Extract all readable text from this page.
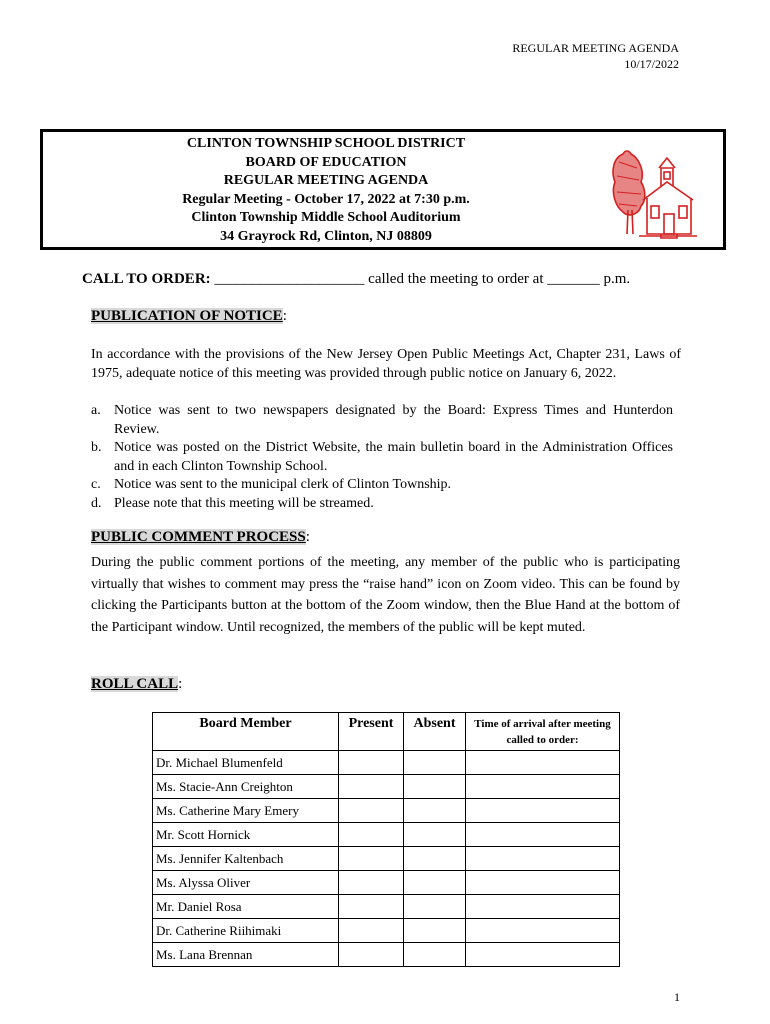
REGULAR MEETING AGENDA
10/17/2022
CLINTON TOWNSHIP SCHOOL DISTRICT
BOARD OF EDUCATION
REGULAR MEETING AGENDA
Regular Meeting - October 17, 2022 at 7:30 p.m.
Clinton Township Middle School Auditorium
34 Grayrock Rd, Clinton, NJ 08809
CALL TO ORDER: ____________________ called the meeting to order at _______ p.m.
PUBLICATION OF NOTICE:
In accordance with the provisions of the New Jersey Open Public Meetings Act, Chapter 231, Laws of 1975, adequate notice of this meeting was provided through public notice on January 6, 2022.
a. Notice was sent to two newspapers designated by the Board: Express Times and Hunterdon Review.
b. Notice was posted on the District Website, the main bulletin board in the Administration Offices and in each Clinton Township School.
c. Notice was sent to the municipal clerk of Clinton Township.
d. Please note that this meeting will be streamed.
PUBLIC COMMENT PROCESS:
During the public comment portions of the meeting, any member of the public who is participating virtually that wishes to comment may press the “raise hand” icon on Zoom video. This can be found by clicking the Participants button at the bottom of the Zoom window, then the Blue Hand at the bottom of the Participant window. Until recognized, the members of the public will be kept muted.
ROLL CALL:
Board Member	Present	Absent	Time of arrival after meeting called to order:
Dr. Michael Blumenfeld			
Ms. Stacie-Ann Creighton			
Ms. Catherine Mary Emery			
Mr. Scott Hornick			
Ms. Jennifer Kaltenbach			
Ms. Alyssa Oliver			
Mr. Daniel Rosa			
Dr. Catherine Riihimaki			
Ms. Lana Brennan			
1
